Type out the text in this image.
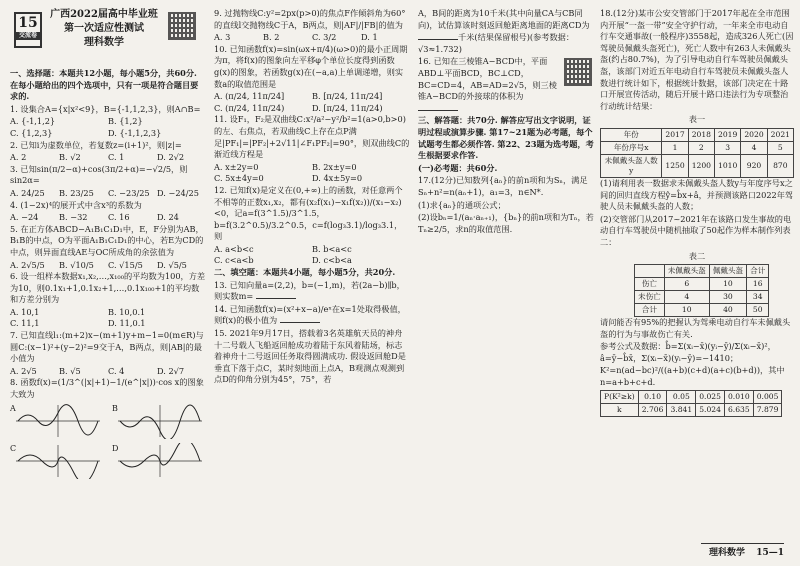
15
交流卷
广西2022届高中毕业班
第一次适应性测试
理科数学
一、选择题：本题共12小题，每小题5分，共60分. 在每小题给出的四个选项中，只有一项是符合题目要求的.
1. 设集合A={x|x²<9}，B={-1,1,2,3}，则A∩B=
A. {-1,1,2}	B. {1,2}
C. {1,2,3}	D. {-1,1,2,3}
2. 已知i为虚数单位，若复数z=(i+1)²，则|z|=
A. 2	B. √2	C. 1	D. 2√2
3. 已知sin(π/2−α)+cos(3π/2+α)=−√2/5，则sin2α=
A. 24/25	B. 23/25	C. −23/25 D. −24/25
4. (1−2x)⁴的展开式中含x³的系数为
A. −24	B. −32	C. 16	D. 24
5. 在正方体ABCD−A₁B₁C₁D₁中，E，F分别为AB，B₁B的中点，O为平面A₁B₁C₁D₁的中心，若E为CD的中点，则异面直线AE与OC所成角的余弦值为
A. 2√5/5	B. √10/5	C. √15/5	D. √5/5
6. 设一组样本数据x₁,x₂,…,x₁₀₀的平均数为100，方差为10，则0.1x₁+1,0.1x₂+1,…,0.1x₁₀₀+1的平均数和方差分别为
A. 10,1	B. 10,0.1
C. 11,1	D. 11,0.1
7. 已知直线l₁:(m+2)x−(m+1)y+m−1=0(m∈R)与圆C:(x−1)²+(y−2)²=9交于A，B两点，则|AB|的最小值为
A. 2√5	B. √5	C. 4	D. 2√7
8. 函数f(x)=(1/3^(|x|+1)−1/(e^|x|))·cos x的图象大致为
A	B
C	D
9. 过抛物线C:y²=2px(p>0)的焦点F作倾斜角为60°的直线l交抛物线C于A，B两点，则|AF|/|FB|的值为
A. 3	B. 2	C. 3/2	D. 1
10. 已知函数f(x)=sin(ωx+π/4)(ω>0)的最小正周期为π，将f(x)的图象向左平移φ个单位长度得到函数g(x)的图象，若函数g(x)在(−a,a)上单调递增，则实数a的取值范围是
A. (π/24, 11π/24]	B. [π/24, 11π/24]
C. (π/24, 11π/24)	D. [π/24, 11π/24)
11. 设F₁，F₂是双曲线C:x²/a²−y²/b²=1(a>0,b>0)的左、右焦点，若双曲线C上存在点P满足|PF₁|=|PF₂|+2√11|∠F₁PF₂|=90°，则双曲线C的渐近线方程是
A. x±2y=0	B. 2x±y=0
C. 5x±4y=0	D. 4x±5y=0
12. 已知f(x)是定义在(0,+∞)上的函数，对任意两个不相等的正数x₁,x₂，都有(x₂f(x₁)−x₁f(x₂))/(x₁−x₂)<0，记a=f(3^1.5)/3^1.5，b=f(3.2^0.5)/3.2^0.5，c=f(log₃3.1)/log₃3.1，则
A. a<b<c	B. b<a<c
C. c<a<b	D. c<b<a
二、填空题：本题共4小题，每小题5分，共20分.
13. 已知向量a=(2,2)，b=(−1,m)，若(2a−b)∥b，则实数m=
14. 已知函数f(x)=(x²+x−a)/eˣ在x=1处取得极值，则f(x)的极小值为
15. 2021年9月17日，搭载着3名英雄航天员的神舟十二号载人飞船返回舱成功着陆于东风着陆场，标志着神舟十二号返回任务取得圆满成功. 假设返回舱D是垂直下落于点C，某时刻地面上点A，B观测点观测到点D的仰角分别为45°，75°，若
A，B间的距离为10千米(其中向量CA与CB同向)，试估算该时刻返回舱距离地面的距离CD为
千米(结果保留根号)(参考数据：√3≈1.732)
16. 已知在三棱锥A−BCD中，平面ABD⊥平面BCD，BC⊥CD，BC=CD=4，AB=AD=2√5，则三棱锥A−BCD的外接球的体积为
三、解答题：共70分. 解答应写出文字说明，证明过程或演算步骤. 第17~21题为必考题，每个试题考生都必须作答. 第22、23题为选考题，考生根据要求作答.
(一)必考题：共60分.
17.(12分)已知数列{aₙ}的前n项和为Sₙ，满足Sₙ+n²=n(aₙ+1)，a₁=3，n∈N*.
(1)求{aₙ}的通项公式；
(2)设bₙ=1/(aₙ·aₙ₊₁)，{bₙ}的前n项和为Tₙ，若Tₙ≥2/5，求n的取值范围.
18.(12分)某市公安交管部门于2017年起在全市范围内开展“一盔一带”安全守护行动，一年来全市电动自行车交通事故(一般程序)3558起，造成326人死亡(因驾驶员佩戴头盔死亡)，死亡人数中有263人未佩戴头盔(约占80.7%)，为了引导电动自行车驾驶员佩戴头盔，该部门对近五年电动自行车驾驶员未佩戴头盔人数进行统计如下，根据统计数据，该部门决定在十路口开展宣传活动，随后开展十路口违法行为专项整治行动统计结果：
表一
年份	2017	2018	2019	2020	2021
年份序号x	1	2	3	4	5
未佩戴头盔人数y	1250	1200	1010	920	870
(1)请利用表一数据求未佩戴头盔人数y与年度序号x之间的回归直线方程ŷ=b̂x+â，并预测该路口2022年驾驶人员未佩戴头盔的人数；
(2)交管部门从2017~2021年在该路口发生事故的电动自行车驾驶员中随机抽取了50起作为样本制作列表二：
表二
	未佩戴头盔	佩戴头盔	合计
伤亡	6	10	16
未伤亡	4	30	34
合计	10	40	50
请问能否有95%的把握认为驾乘电动自行车未佩戴头盔的行为与事故伤亡有关.
参考公式及数据：b̂=Σ(xᵢ−x̄)(yᵢ−ȳ)/Σ(xᵢ−x̄)²，â=ȳ−b̂x̄，Σ(xᵢ−x̄)(yᵢ−ȳ)=−1410；
K²=n(ad−bc)²/((a+b)(c+d)(a+c)(b+d))，其中n=a+b+c+d.
P(K²≥k)	0.10	0.05	0.025	0.010	0.005
k	2.706	3.841	5.024	6.635	7.879
理科数学 15—1
